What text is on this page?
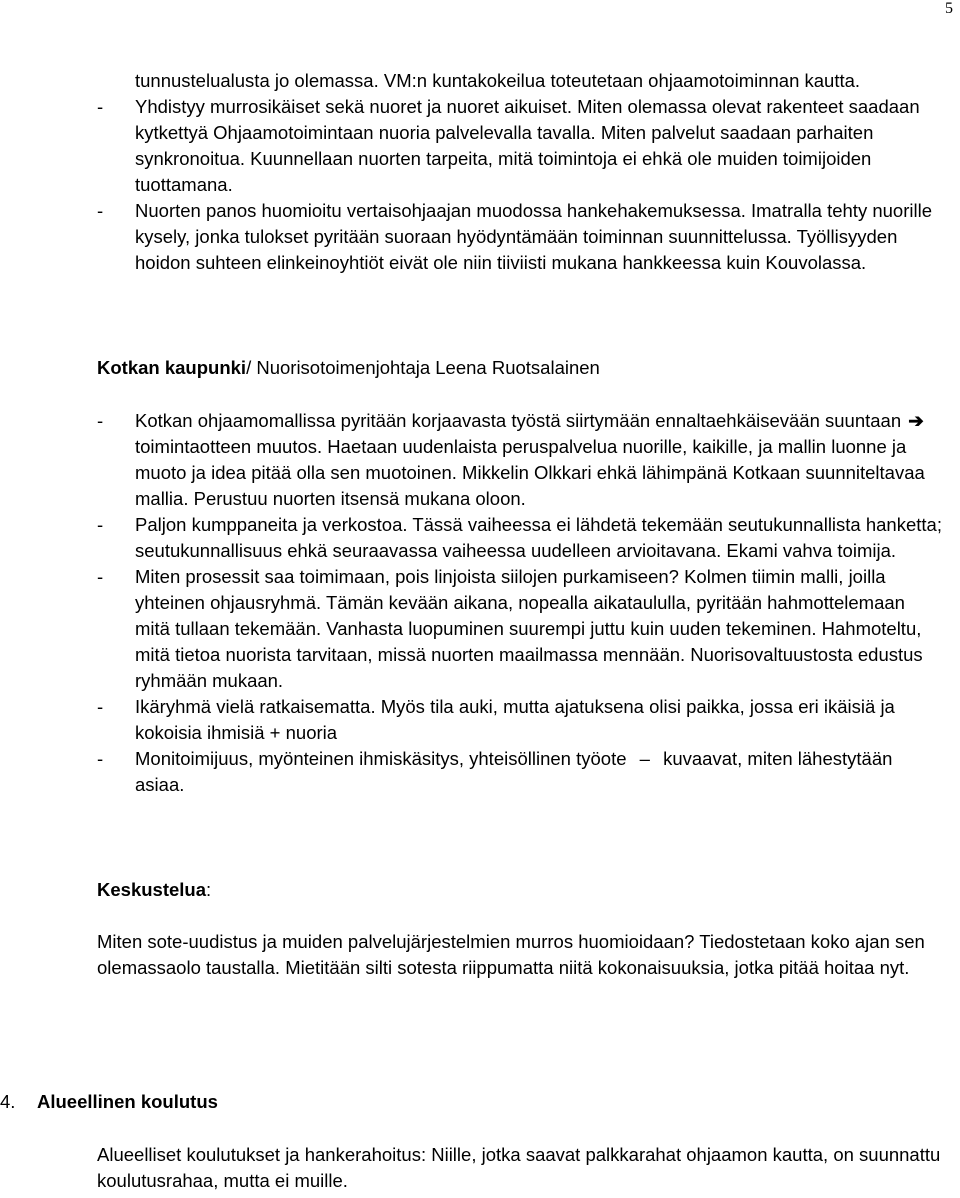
5
tunnustelualusta jo olemassa. VM:n kuntakokeilua toteutetaan ohjaamotoiminnan kautta.
- Yhdistyy murrosikäiset sekä nuoret ja nuoret aikuiset. Miten olemassa olevat rakenteet saadaan kytkettyä Ohjaamotoimintaan nuoria palvelevalla tavalla. Miten palvelut saadaan parhaiten synkronoitua. Kuunnellaan nuorten tarpeita, mitä toimintoja ei ehkä ole muiden toimijoiden tuottamana.
- Nuorten panos huomioitu vertaisohjaajan muodossa hankehakemuksessa. Imatralla tehty nuorille kysely, jonka tulokset pyritään suoraan hyödyntämään toiminnan suunnittelussa. Työllisyyden hoidon suhteen elinkeinoyhtiöt eivät ole niin tiiviisti mukana hankkeessa kuin Kouvolassa.
Kotkan kaupunki/ Nuorisotoimenjohtaja Leena Ruotsalainen
- Kotkan ohjaamomallissa pyritään korjaavasta työstä siirtymään ennaltaehkäisevään suuntaan ➔ toimintaotteen muutos. Haetaan uudenlaista peruspalvelua nuorille, kaikille, ja mallin luonne ja muoto ja idea pitää olla sen muotoinen. Mikkelin Olkkari ehkä lähimpänä Kotkaan suunniteltavaa mallia. Perustuu nuorten itsensä mukana oloon.
- Paljon kumppaneita ja verkostoa. Tässä vaiheessa ei lähdetä tekemään seutukunnallista hanketta; seutukunnallisuus ehkä seuraavassa vaiheessa uudelleen arvioitavana. Ekami vahva toimija.
- Miten prosessit saa toimimaan, pois linjoista siilojen purkamiseen? Kolmen tiimin malli, joilla yhteinen ohjausryhmä. Tämän kevään aikana, nopealla aikataululla, pyritään hahmottelemaan mitä tullaan tekemään. Vanhasta luopuminen suurempi juttu kuin uuden tekeminen. Hahmoteltu, mitä tietoa nuorista tarvitaan, missä nuorten maailmassa mennään. Nuorisovaltuustosta edustus ryhmään mukaan.
- Ikäryhmä vielä ratkaisematta. Myös tila auki, mutta ajatuksena olisi paikka, jossa eri ikäisiä ja kokoisia ihmisiä + nuoria
- Monitoimijuus, myönteinen ihmiskäsitys, yhteisöllinen työote – kuvaavat, miten lähestytään asiaa.
Keskustelua:
Miten sote-uudistus ja muiden palvelujärjestelmien murros huomioidaan? Tiedostetaan koko ajan sen olemassaolo taustalla. Mietitään silti sotesta riippumatta niitä kokonaisuuksia, jotka pitää hoitaa nyt.
4. Alueellinen koulutus
Alueelliset koulutukset ja hankerahoitus: Niille, jotka saavat palkkarahat ohjaamon kautta, on suunnattu koulutusrahaa, mutta ei muille.
